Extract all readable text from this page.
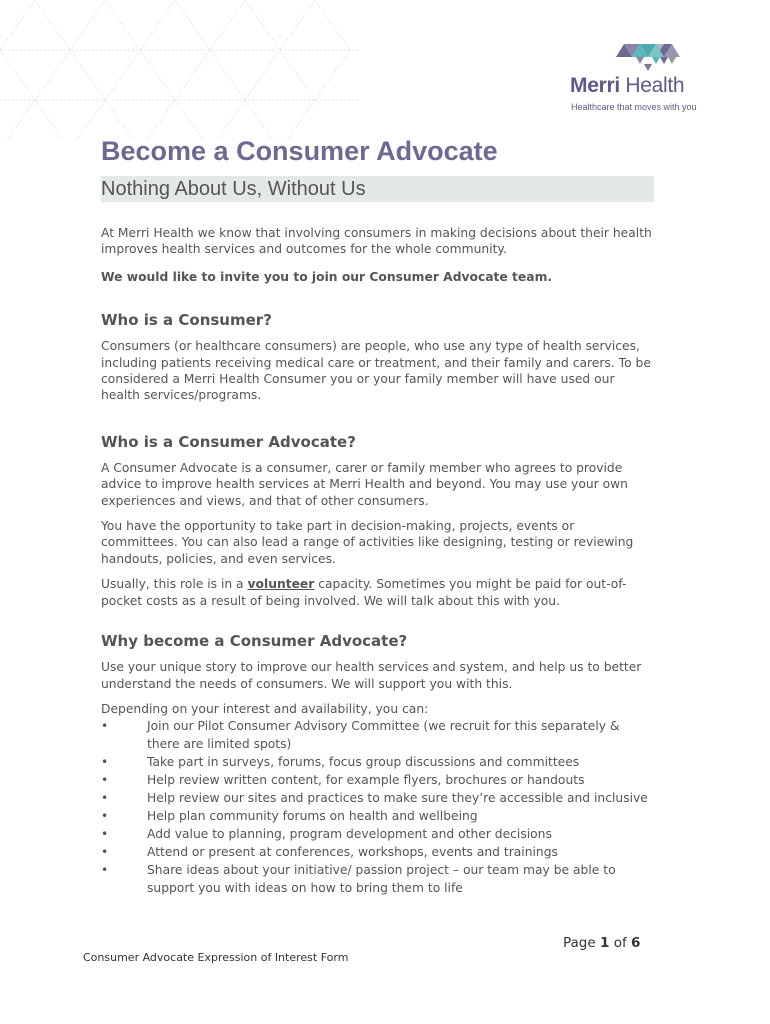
Merri Health
Healthcare that moves with you
Become a Consumer Advocate
Nothing About Us, Without Us

At Merri Health we know that involving consumers in making decisions about their health improves health services and outcomes for the whole community.

We would like to invite you to join our Consumer Advocate team.

Who is a Consumer?

Consumers (or healthcare consumers) are people, who use any type of health services, including patients receiving medical care or treatment, and their family and carers. To be considered a Merri Health Consumer you or your family member will have used our health services/programs.

Who is a Consumer Advocate?

A Consumer Advocate is a consumer, carer or family member who agrees to provide advice to improve health services at Merri Health and beyond. You may use your own experiences and views, and that of other consumers.

You have the opportunity to take part in decision-making, projects, events or committees. You can also lead a range of activities like designing, testing or reviewing handouts, policies, and even services.

Usually, this role is in a volunteer capacity. Sometimes you might be paid for out-of-pocket costs as a result of being involved. We will talk about this with you.

Why become a Consumer Advocate?

Use your unique story to improve our health services and system, and help us to better understand the needs of consumers. We will support you with this.

Depending on your interest and availability, you can:

•	Join our Pilot Consumer Advisory Committee (we recruit for this separately & there are limited spots)
•	Take part in surveys, forums, focus group discussions and committees
•	Help review written content, for example flyers, brochures or handouts
•	Help review our sites and practices to make sure they’re accessible and inclusive
•	Help plan community forums on health and wellbeing
•	Add value to planning, program development and other decisions
•	Attend or present at conferences, workshops, events and trainings
•	Share ideas about your initiative/ passion project – our team may be able to support you with ideas on how to bring them to life
Page 1 of 6
Consumer Advocate Expression of Interest Form
